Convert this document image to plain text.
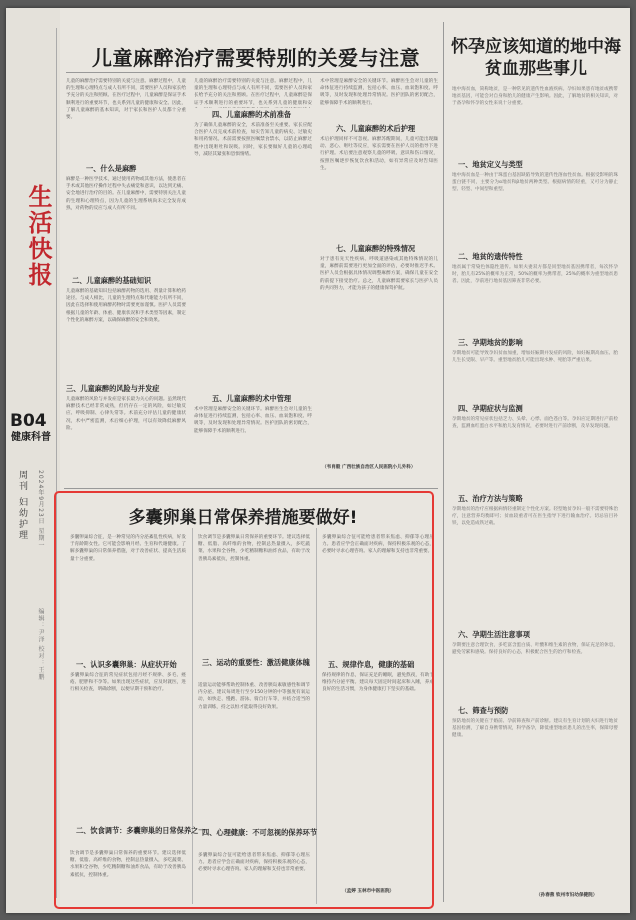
生活快报
B04
健康科普
周刊 妇幼护理	2024年9月23日 星期一
编辑：尹泽 校对：王鹏
儿童麻醉治疗需要特别的关爱与注意
儿童的麻醉治疗需要特别的关爱与注意。麻醉过程中，儿童的生理和心理特点与成人有所不同，需要医护人员和家长给予充分的关注和照顾。在医疗过程中，儿童麻醉是保证手术顺利进行的重要环节，也关系到儿童的健康和安全。因此，了解儿童麻醉的基本知识，对于家长和医护人员都十分重要。
一、什么是麻醉
麻醉是一种医学技术，通过使用药物或其他方法，使患者在手术或其他医疗操作过程中失去痛觉和意识，以达到无痛、安全地进行治疗的目的。在儿童麻醉中，需要特别关注儿童的生理和心理特点，因为儿童的生理系统尚未完全发育成熟，对药物的反应与成人有所不同。
二、儿童麻醉的基础知识
儿童麻醉的基础知识包括麻醉药物的选用、剂量计算和给药途径。与成人相比，儿童的生理特点和代谢能力有所不同，因此在选择和使用麻醉药物时需要更加谨慎。医护人员需要根据儿童的年龄、体重、健康状况和手术类型等因素，制定个性化的麻醉方案，以确保麻醉的安全和效果。
三、儿童麻醉的风险与并发症
儿童麻醉的风险与并发症是家长最为关心的问题。虽然现代麻醉技术已经非常成熟，但仍存在一定的风险，如过敏反应、呼吸抑制、心律失常等。术前充分评估儿童的健康状况，术中严密监测，术后细心护理，可以有效降低麻醉风险。
儿童的麻醉治疗需要特别的关爱与注意。麻醉过程中，儿童的生理和心理特点与成人有所不同，需要医护人员和家长给予充分的关注和照顾。在医疗过程中，儿童麻醉是保证手术顺利进行的重要环节，也关系到儿童的健康和安
四、儿童麻醉的术前准备
为了确保儿童麻醉的安全，术前准备至关重要。家长应配合医护人员完成术前检查，如实告知儿童的病史、过敏史和用药情况。术前需要按照医嘱禁食禁水，以防止麻醉过程中出现呕吐和误吸。同时，家长要做好儿童的心理疏导，减轻其紧张和恐惧情绪。
五、儿童麻醉的术中管理
术中管理是麻醉安全的关键环节。麻醉医生会对儿童的生命体征进行持续监测，包括心率、血压、血氧饱和度、呼吸等，及时发现和处理异常情况。医护团队的密切配合，能够保障手术的顺利进行。
术中管理是麻醉安全的关键环节。麻醉医生会对儿童的生命体征进行持续监测，包括心率、血压、血氧饱和度、呼吸等，及时发现和处理异常情况。医护团队的密切配合，能够保障手术的顺利进行。
六、儿童麻醉的术后护理
术后护理同样不可忽视。麻醉苏醒期间，儿童可能出现躁动、恶心、呕吐等反应，家长需要在医护人员的指导下进行护理。术后要注意观察儿童的呼吸、意识和伤口情况，按照医嘱逐步恢复饮食和活动，如有异常应及时告知医生。
七、儿童麻醉的特殊情况
对于患有先天性疾病、呼吸道感染或其他特殊情况的儿童，麻醉前需要进行更加全面的评估，必要时推迟手术。医护人员会根据具体情况调整麻醉方案，确保儿童在安全的前提下接受治疗。总之，儿童麻醉需要家长与医护人员的共同努力，才能为孩子的健康保驾护航。
（韦肖毅 广西壮族自治区人民医院小儿外科）
怀孕应该知道的地中海贫血那些事儿
地中海贫血，简称地贫，是一种常见的遗传性血液疾病。孕妇如果患有地贫或携带地贫基因，可能会对自身和胎儿的健康产生影响。因此，了解地贫的相关知识，对于备孕和怀孕的女性来说十分重要。
一、地贫定义与类型
地中海贫血是一种由于珠蛋白基因缺陷导致的遗传性溶血性贫血。根据受影响的珠蛋白链不同，主要分为α地贫和β地贫两种类型。根据病情的轻重，又可分为静止型、轻型、中间型和重型。
二、地贫的遗传特性
地贫属于常染色体隐性遗传。如果夫妻双方都是同型地贫基因携带者，每次怀孕时，胎儿有25%的概率为正常，50%的概率为携带者，25%的概率为重型地贫患者。因此，孕前进行地贫基因筛查非常必要。
三、孕期地贫的影响
孕期地贫可能导致孕妇贫血加重，增加妊娠期并发症的风险，如妊娠期高血压、胎儿生长受限、早产等。重型地贫胎儿可能出现水肿、死胎等严重后果。
四、孕期症状与监测
孕期地贫的常见症状包括乏力、头晕、心悸、面色苍白等。孕妇应定期进行产前检查，监测血红蛋白水平和胎儿发育情况，必要时进行产前诊断，及早发现问题。
五、治疗方法与策略
孕期地贫的治疗应根据病情轻重制定个性化方案。轻型地贫孕妇一般不需要特殊治疗，注意营养均衡即可；贫血较重者可在医生指导下进行输血治疗。切忌盲目补铁，以免造成铁过载。
六、孕期生活注意事项
孕期要注意合理饮食，多吃富含蛋白质、叶酸和维生素的食物，保证充足的休息，避免劳累和感染。保持良好的心态，积极配合医生的治疗和检查。
七、筛查与预防
预防地贫的关键在于婚前、孕前筛查和产前诊断。建议有生育计划的夫妇进行地贫基因检测，了解自身携带情况，科学备孕，降低重型地贫患儿的出生率，保障母婴健康。
（孙春燕 钦州市妇幼保健院）
多囊卵巢综合征，是一种常见的内分泌紊乱性疾病，好发于育龄期女性。它可能会影响月经、生育和代谢健康。了解多囊卵巢的日常保养措施，对于改善症状、提高生活质量十分重要。
一、认识多囊卵巢：从症状开始
多囊卵巢综合征的常见症状包括月经不规律、多毛、痤疮、肥胖和不孕等。如果出现这些症状，应及时就医，进行相关检查，明确诊断，以便早期干预和治疗。
二、饮食调节：多囊卵巢的日常保养之一
饮食调节是多囊卵巢日常保养的重要环节。建议选择低糖、低脂、高纤维的食物，控制总热量摄入，多吃蔬菜、水果和全谷物，少吃精制糖和油炸食品，有助于改善胰岛素抵抗，控制体重。
饮食调节是多囊卵巢日常保养的重要环节。建议选择低糖、低脂、高纤维的食物，控制总热量摄入，多吃蔬菜、水果和全谷物，少吃精制糖和油炸食品，有助于改善胰岛素抵抗，控制体重。
三、运动的重要性：激活健康体魄
适量运动能够帮助控制体重、改善胰岛素敏感性和调节内分泌。建议每周进行至少150分钟的中等强度有氧运动，如快走、慢跑、游泳、骑自行车等，并结合适当的力量训练，持之以恒才能取得良好效果。
四、心理健康：不可忽视的保养环节
多囊卵巢综合征可能给患者带来焦虑、抑郁等心理压力。患者应学会正确面对疾病，保持积极乐观的心态，必要时寻求心理咨询。家人的理解和支持也非常重要。
多囊卵巢综合征可能给患者带来焦虑、抑郁等心理压力。患者应学会正确面对疾病，保持积极乐观的心态，必要时寻求心理咨询。家人的理解和支持也非常重要。
五、规律作息，健康的基础
保持规律的作息，保证充足的睡眠，避免熬夜，有助于维持内分泌平衡。建议每天固定时间起床和入睡，养成良好的生活习惯，为身体健康打下坚实的基础。
（孟婷 玉林市中医医院）
多囊卵巢日常保养措施要做好!
